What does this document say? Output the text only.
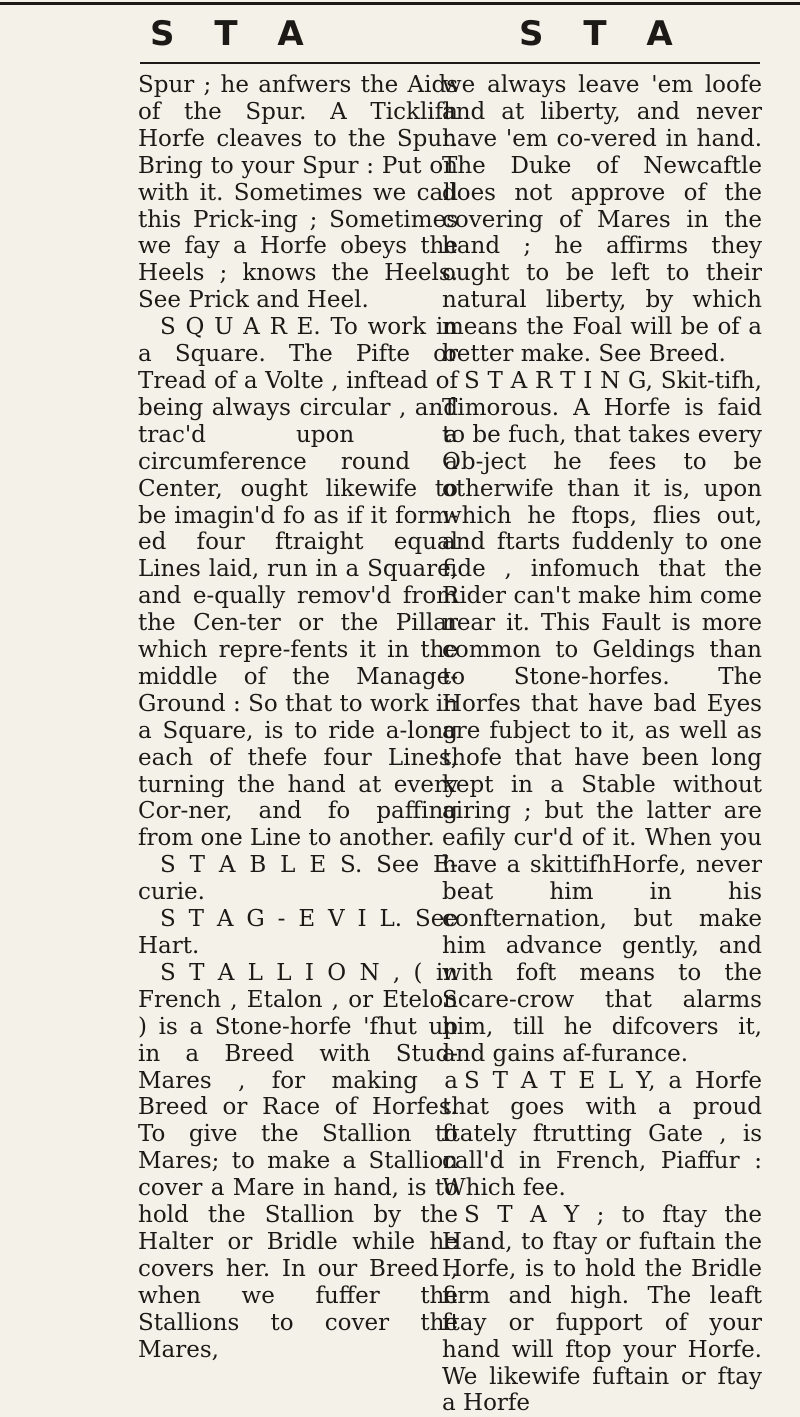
S T A	S T A

Spur ; he anfwers the Aids of the Spur. A Ticklifh Horfe cleaves to the Spur. Bring to your Spur : Put on with it. Sometimes we call this Prick-ing ; Sometimes we fay a Horfe obeys the Heels ; knows the Heels. See Prick and Heel.

S Q U A R E. To work in a Square. The Pifte or Tread of a Volte , inftead of being always circular , and trac'd upon a circumference round a Center, ought likewife to be imagin'd fo as if it form-ed four ftraight equal Lines laid, run in a Square, and e-qually remov'd from the Cen-ter or the Pillar which repre-fents it in the middle of the Manage-Ground : So that to work in a Square, is to ride a-long each of thefe four Lines, turning the hand at every Cor-ner, and fo paffing from one Line to another.

S T A B L E S. See E-curie.

S T A G - E V I L. See Hart.

S T A L L I O N , ( in French , Etalon , or Etelon ) is a Stone-horfe 'fhut up in a Breed with Stud-Mares , for making a Breed or Race of Horfes. To give the Stallion to Mares; to make a Stallion cover a Mare in hand, is to hold the Stallion by the Halter or Bridle while he covers her. In our Breed , when we fuffer the Stallions to cover the Mares,

we always leave 'em loofe and at liberty, and never have 'em co-vered in hand. The Duke of Newcaftle does not approve of the covering of Mares in the hand ; he affirms they ought to be left to their natural liberty, by which means the Foal will be of a better make. See Breed.

S T A R T I N G, Skit-tifh, Timorous. A Horfe is faid to be fuch, that takes every Ob-ject he fees to be otherwife than it is, upon which he ftops, flies out, and ftarts fuddenly to one fide , infomuch that the Rider can't make him come near it. This Fault is more common to Geldings than to Stone-horfes. The Horfes that have bad Eyes are fubject to it, as well as thofe that have been long kept in a Stable without airing ; but the latter are eafily cur'd of it. When you have a skittifhHorfe, never beat him in his confternation, but make him advance gently, and with foft means to the Scare-crow that alarms him, till he difcovers it, and gains af-furance.

S T A T E L Y, a Horfe that goes with a proud ftately ftrutting Gate , is call'd in French, Piaffur : Which fee.

S T A Y ; to ftay the Hand, to ftay or fuftain the Horfe, is to hold the Bridle firm and high. The leaft ftay or fupport of your hand will ftop your Horfe. We likewife fuftain or ftay a Horfe
